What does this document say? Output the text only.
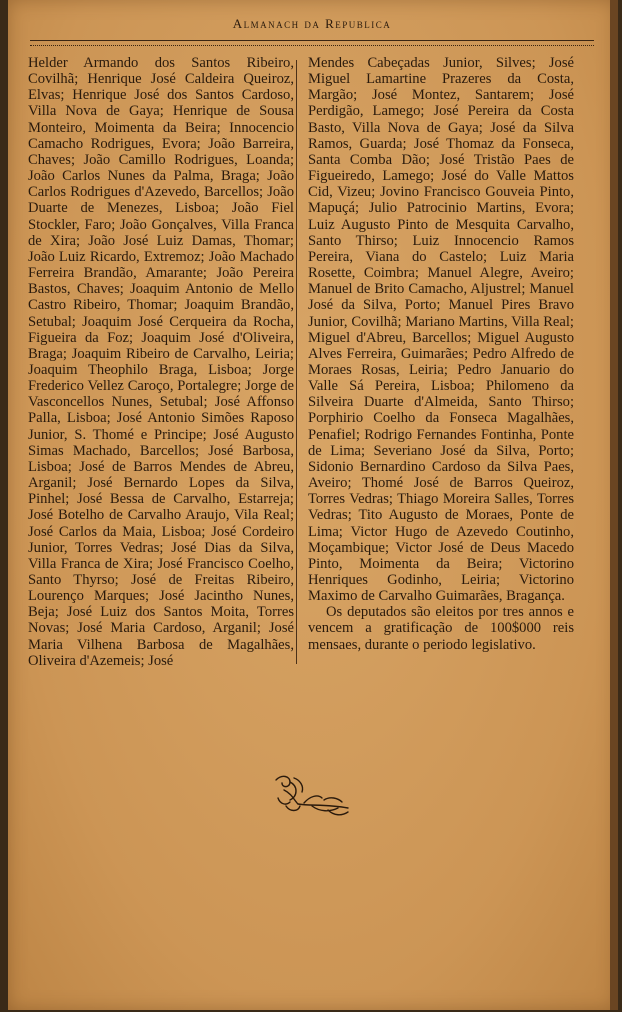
Almanach da Republica

Helder Armando dos Santos Ribeiro, Covilhã; Henrique José Caldeira Queiroz, Elvas; Henrique José dos Santos Cardoso, Villa Nova de Gaya; Henrique de Sousa Monteiro, Moimenta da Beira; Innocencio Camacho Rodrigues, Evora; João Barreira, Chaves; João Camillo Rodrigues, Loanda; João Carlos Nunes da Palma, Braga; João Carlos Rodrigues d'Azevedo, Barcellos; João Duarte de Menezes, Lisboa; João Fiel Stockler, Faro; João Gonçalves, Villa Franca de Xira; João José Luiz Damas, Thomar; João Luiz Ricardo, Extremoz; João Machado Ferreira Brandão, Amarante; João Pereira Bastos, Chaves; Joaquim Antonio de Mello Castro Ribeiro, Thomar; Joaquim Brandão, Setubal; Joaquim José Cerqueira da Rocha, Figueira da Foz; Joaquim José d'Oliveira, Braga; Joaquim Ribeiro de Carvalho, Leiria; Joaquim Theophilo Braga, Lisboa; Jorge Frederico Vellez Caroço, Portalegre; Jorge de Vasconcellos Nunes, Setubal; José Affonso Palla, Lisboa; José Antonio Simões Raposo Junior, S. Thomé e Principe; José Augusto Simas Machado, Barcellos; José Barbosa, Lisboa; José de Barros Mendes de Abreu, Arganil; José Bernardo Lopes da Silva, Pinhel; José Bessa de Carvalho, Estarreja; José Botelho de Carvalho Araujo, Vila Real; José Carlos da Maia, Lisboa; José Cordeiro Junior, Torres Vedras; José Dias da Silva, Villa Franca de Xira; José Francisco Coelho, Santo Thyrso; José de Freitas Ribeiro, Lourenço Marques; José Jacintho Nunes, Beja; José Luiz dos Santos Moita, Torres Novas; José Maria Cardoso, Arganil; José Maria Vilhena Barbosa de Magalhães, Oliveira d'Azemeis; José

Mendes Cabeçadas Junior, Silves; José Miguel Lamartine Prazeres da Costa, Margão; José Montez, Santarem; José Perdigão, Lamego; José Pereira da Costa Basto, Villa Nova de Gaya; José da Silva Ramos, Guarda; José Thomaz da Fonseca, Santa Comba Dão; José Tristão Paes de Figueiredo, Lamego; José do Valle Mattos Cid, Vizeu; Jovino Francisco Gouveia Pinto, Mapuçá; Julio Patrocinio Martins, Evora; Luiz Augusto Pinto de Mesquita Carvalho, Santo Thirso; Luiz Innocencio Ramos Pereira, Viana do Castelo; Luiz Maria Rosette, Coimbra; Manuel Alegre, Aveiro; Manuel de Brito Camacho, Aljustrel; Manuel José da Silva, Porto; Manuel Pires Bravo Junior, Covilhã; Mariano Martins, Villa Real; Miguel d'Abreu, Barcellos; Miguel Augusto Alves Ferreira, Guimarães; Pedro Alfredo de Moraes Rosas, Leiria; Pedro Januario do Valle Sá Pereira, Lisboa; Philomeno da Silveira Duarte d'Almeida, Santo Thirso; Porphirio Coelho da Fonseca Magalhães, Penafiel; Rodrigo Fernandes Fontinha, Ponte de Lima; Severiano José da Silva, Porto; Sidonio Bernardino Cardoso da Silva Paes, Aveiro; Thomé José de Barros Queiroz, Torres Vedras; Thiago Moreira Salles, Torres Vedras; Tito Augusto de Moraes, Ponte de Lima; Victor Hugo de Azevedo Coutinho, Moçambique; Victor José de Deus Macedo Pinto, Moimenta da Beira; Victorino Henriques Godinho, Leiria; Victorino Maximo de Carvalho Guimarães, Bragança.

Os deputados são eleitos por tres annos e vencem a gratificação de 100$000 reis mensaes, durante o periodo legislativo.
